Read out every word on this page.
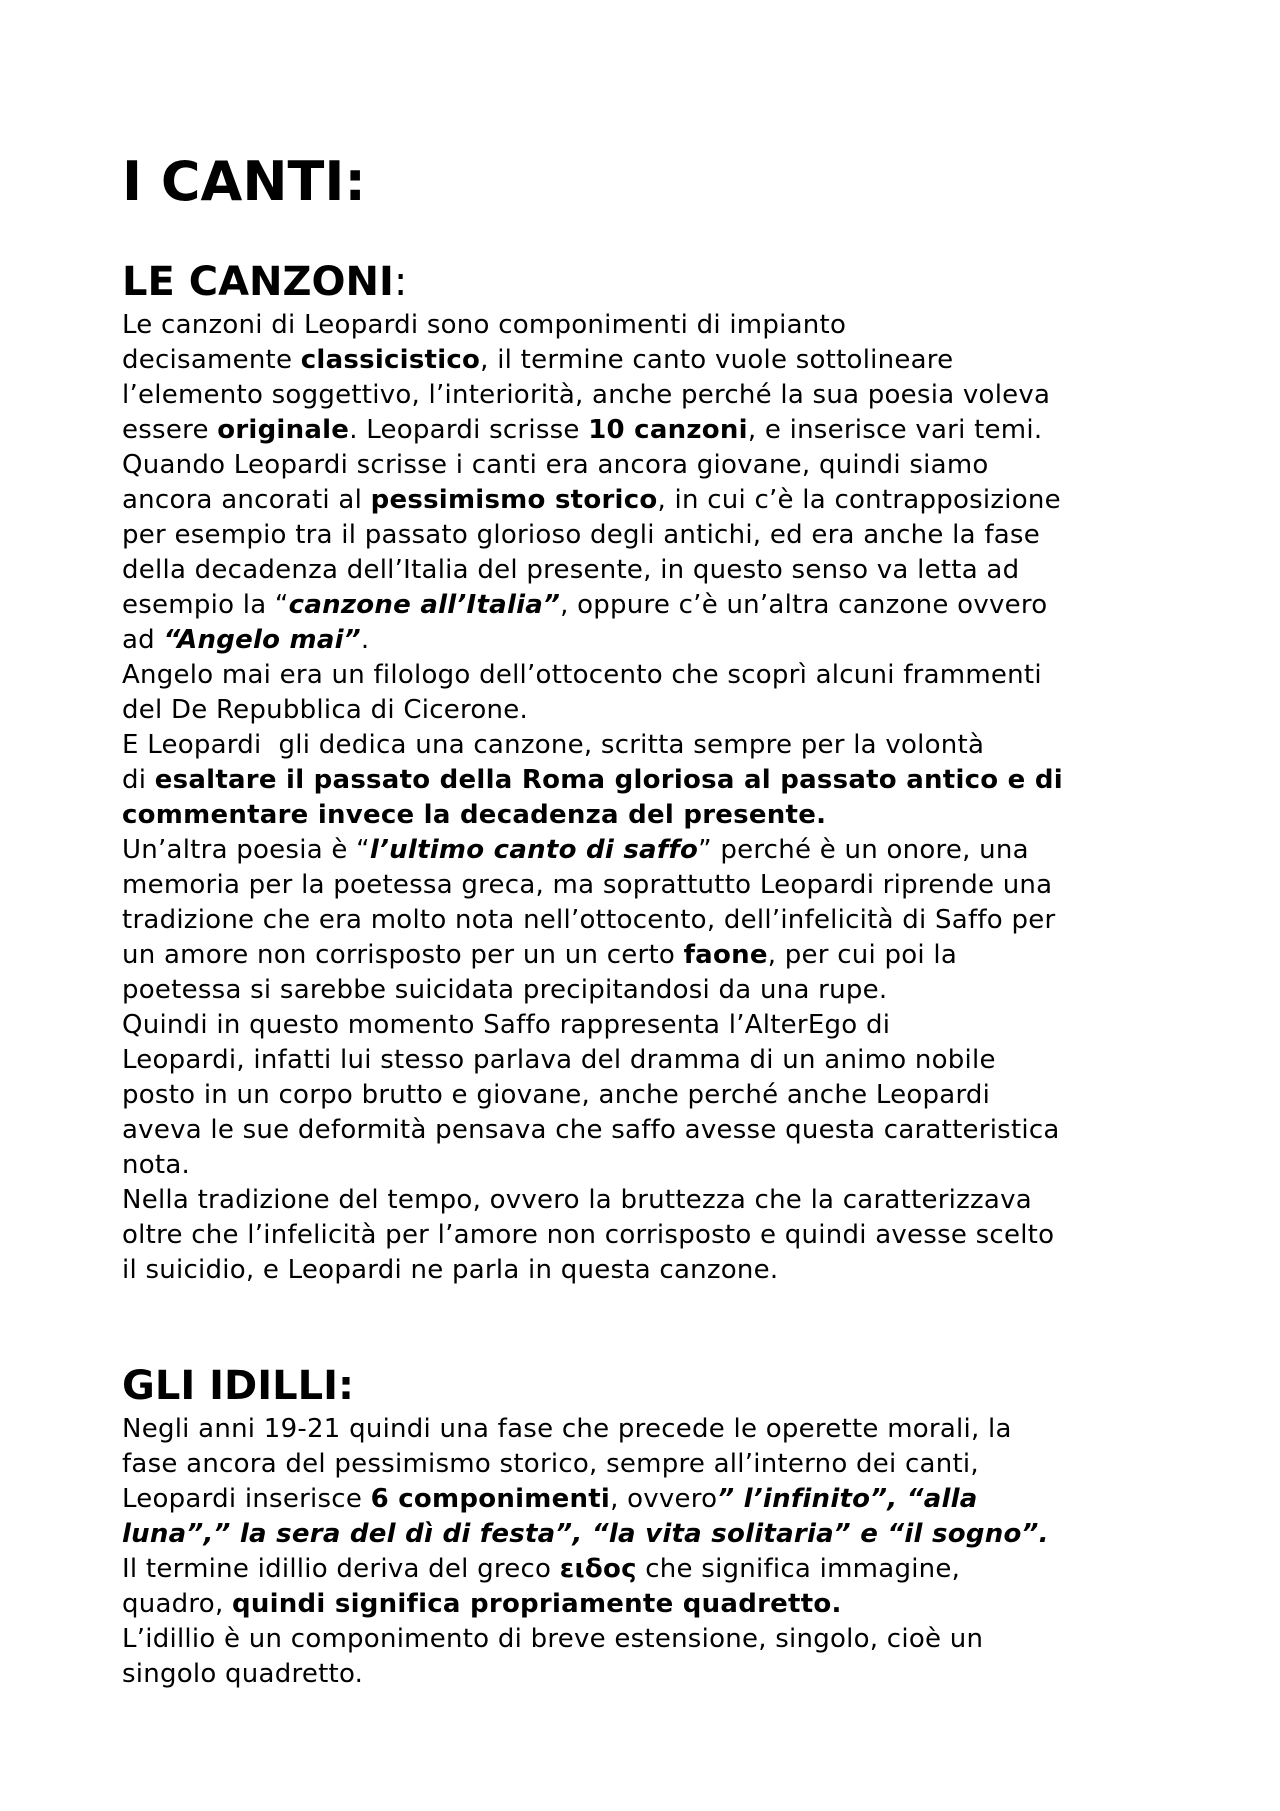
I CANTI:
LE CANZONI:
Le canzoni di Leopardi sono componimenti di impianto
decisamente classicistico, il termine canto vuole sottolineare
l’elemento soggettivo, l’interiorità, anche perché la sua poesia voleva
essere originale. Leopardi scrisse 10 canzoni, e inserisce vari temi.
Quando Leopardi scrisse i canti era ancora giovane, quindi siamo
ancora ancorati al pessimismo storico, in cui c’è la contrapposizione
per esempio tra il passato glorioso degli antichi, ed era anche la fase
della decadenza dell’Italia del presente, in questo senso va letta ad
esempio la “canzone all’Italia”, oppure c’è un’altra canzone ovvero
ad “Angelo mai”.
Angelo mai era un filologo dell’ottocento che scoprì alcuni frammenti
del De Repubblica di Cicerone.
E Leopardi  gli dedica una canzone, scritta sempre per la volontà
di esaltare il passato della Roma gloriosa al passato antico e di
commentare invece la decadenza del presente.
Un’altra poesia è “l’ultimo canto di saffo” perché è un onore, una
memoria per la poetessa greca, ma soprattutto Leopardi riprende una
tradizione che era molto nota nell’ottocento, dell’infelicità di Saffo per
un amore non corrisposto per un un certo faone, per cui poi la
poetessa si sarebbe suicidata precipitandosi da una rupe.
Quindi in questo momento Saffo rappresenta l’AlterEgo di
Leopardi, infatti lui stesso parlava del dramma di un animo nobile
posto in un corpo brutto e giovane, anche perché anche Leopardi
aveva le sue deformità pensava che saffo avesse questa caratteristica
nota.
Nella tradizione del tempo, ovvero la bruttezza che la caratterizzava
oltre che l’infelicità per l’amore non corrisposto e quindi avesse scelto
il suicidio, e Leopardi ne parla in questa canzone.
GLI IDILLI:
Negli anni 19-21 quindi una fase che precede le operette morali, la
fase ancora del pessimismo storico, sempre all’interno dei canti,
Leopardi inserisce 6 componimenti, ovvero” l’infinito”, “alla
luna”,” la sera del dì di festa”, “la vita solitaria” e “il sogno”.
Il termine idillio deriva del greco ειδος che significa immagine,
quadro, quindi significa propriamente quadretto.
L’idillio è un componimento di breve estensione, singolo, cioè un
singolo quadretto.
